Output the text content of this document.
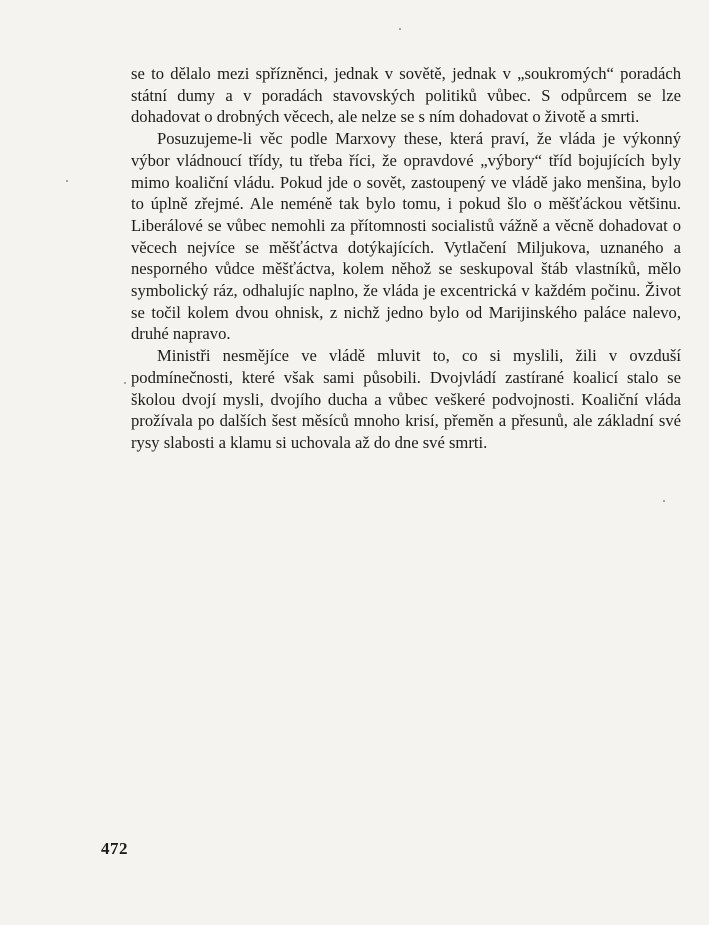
se to dělalo mezi spřízněnci, jednak v sovětě, jednak v „soukromých“ poradách státní dumy a v poradách stavovských politiků vůbec. S odpůrcem se lze dohadovat o drobných věcech, ale nelze se s ním dohadovat o životě a smrti.

Posuzujeme-li věc podle Marxovy these, která praví, že vláda je výkonný výbor vládnoucí třídy, tu třeba říci, že opravdové „výbory“ tříd bojujících byly mimo koaliční vládu. Pokud jde o sovět, zastoupený ve vládě jako menšina, bylo to úplně zřejmé. Ale neméně tak bylo tomu, i pokud šlo o měšťáckou většinu. Liberálové se vůbec nemohli za přítomnosti socialistů vážně a věcně dohadovat o věcech nejvíce se měšťáctva dotýkajících. Vytlačení Miljukova, uznaného a nesporného vůdce měšťáctva, kolem něhož se seskupoval štáb vlastníků, mělo symbolický ráz, odhalujíc naplno, že vláda je excentrická v každém počinu. Život se točil kolem dvou ohnisk, z nichž jedno bylo od Marijinského paláce nalevo, druhé napravo.

Ministři nesmějíce ve vládě mluvit to, co si myslili, žili v ovzduší podmínečnosti, které však sami působili. Dvojvládí zastírané koalicí stalo se školou dvojí mysli, dvojího ducha a vůbec veškeré podvojnosti. Koaliční vláda prožívala po dalších šest měsíců mnoho krisí, přeměn a přesunů, ale základní své rysy slabosti a klamu si uchovala až do dne své smrti.

472
